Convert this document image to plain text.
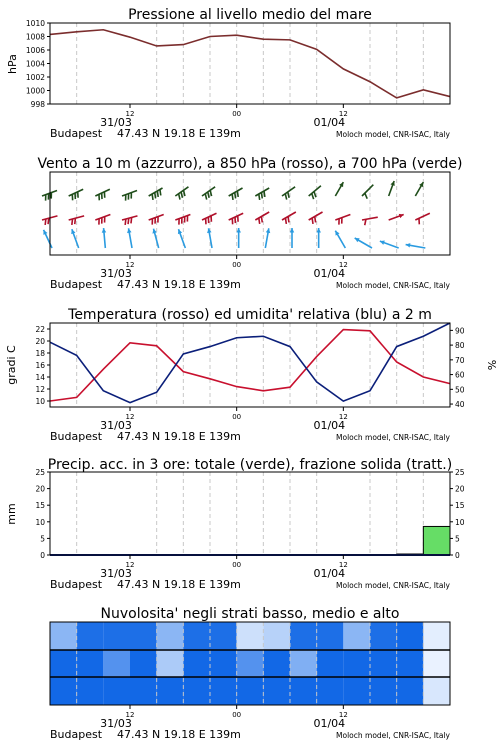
Pressione al livello medio del mare
hPa
998
1000
1002
1004
1006
1008
1010
12	00	12
31/03	01/04
Budapest 47.43 N 19.18 E 139m	Moloch model, CNR-ISAC, Italy
Vento a 10 m (azzurro), a 850 hPa (rosso), a 700 hPa (verde)
12	00	12
31/03	01/04
Budapest 47.43 N 19.18 E 139m	Moloch model, CNR-ISAC, Italy
Temperatura (rosso) ed umidita' relativa (blu) a 2 m
gradi C	%
10
12
14
16
18
20
22
40
50
60
70
80
90
12	00	12
31/03	01/04
Budapest 47.43 N 19.18 E 139m	Moloch model, CNR-ISAC, Italy
Precip. acc. in 3 ore: totale (verde), frazione solida (tratt.)
mm
0
5
10
15
20
25
0
5
10
15
20
25
12	00	12
31/03	01/04
Budapest 47.43 N 19.18 E 139m	Moloch model, CNR-ISAC, Italy
Nuvolosita' negli strati basso, medio e alto
12	00	12
31/03	01/04
Budapest 47.43 N 19.18 E 139m	Moloch model, CNR-ISAC, Italy
